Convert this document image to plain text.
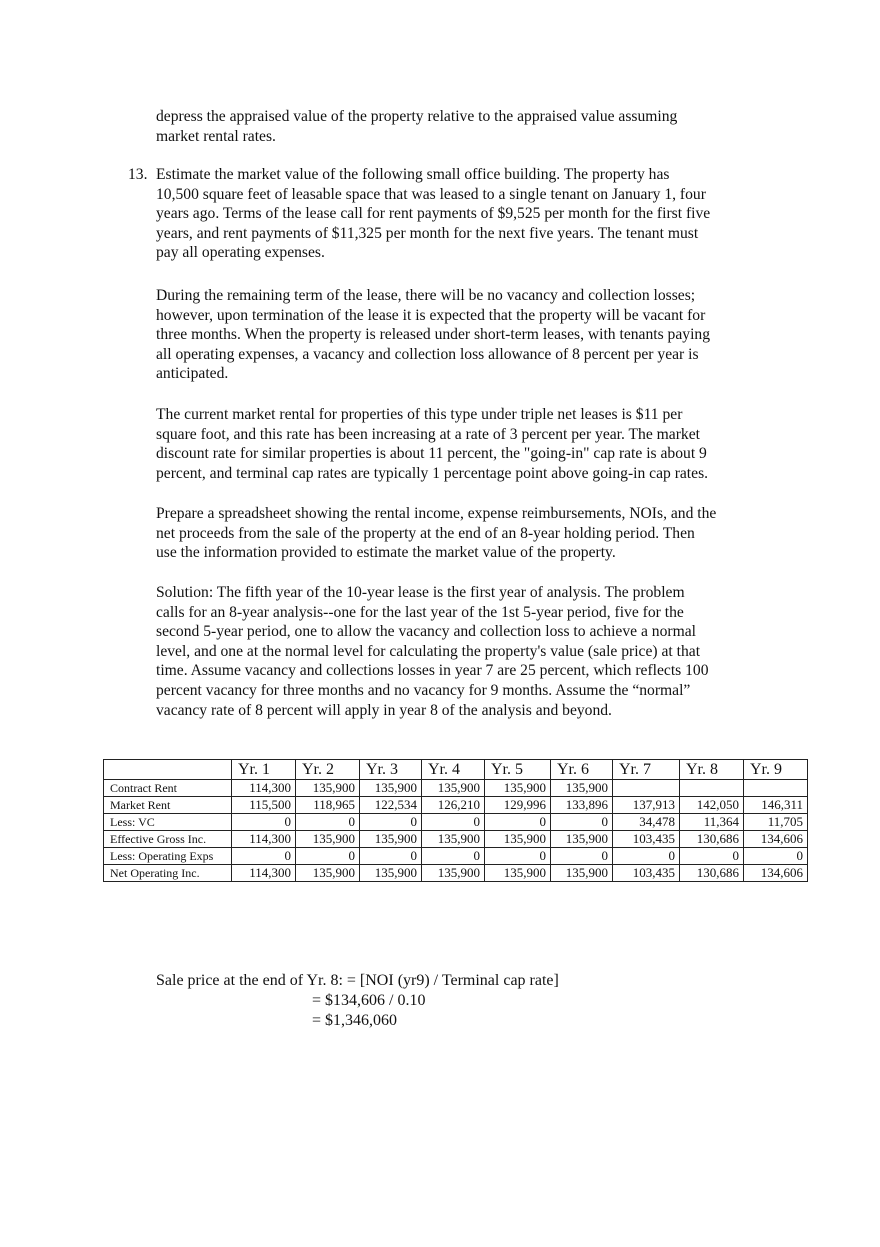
depress the appraised value of the property relative to the appraised value assuming
market rental rates.

13. Estimate the market value of the following small office building. The property has
10,500 square feet of leasable space that was leased to a single tenant on January 1, four
years ago. Terms of the lease call for rent payments of $9,525 per month for the first five
years, and rent payments of $11,325 per month for the next five years. The tenant must
pay all operating expenses.

During the remaining term of the lease, there will be no vacancy and collection losses;
however, upon termination of the lease it is expected that the property will be vacant for
three months. When the property is released under short-term leases, with tenants paying
all operating expenses, a vacancy and collection loss allowance of 8 percent per year is
anticipated.

The current market rental for properties of this type under triple net leases is $11 per
square foot, and this rate has been increasing at a rate of 3 percent per year. The market
discount rate for similar properties is about 11 percent, the "going-in" cap rate is about 9
percent, and terminal cap rates are typically 1 percentage point above going-in cap rates.

Prepare a spreadsheet showing the rental income, expense reimbursements, NOIs, and the
net proceeds from the sale of the property at the end of an 8-year holding period. Then
use the information provided to estimate the market value of the property.

Solution: The fifth year of the 10-year lease is the first year of analysis. The problem
calls for an 8-year analysis--one for the last year of the 1st 5-year period, five for the
second 5-year period, one to allow the vacancy and collection loss to achieve a normal
level, and one at the normal level for calculating the property's value (sale price) at that
time. Assume vacancy and collections losses in year 7 are 25 percent, which reflects 100
percent vacancy for three months and no vacancy for 9 months. Assume the “normal”
vacancy rate of 8 percent will apply in year 8 of the analysis and beyond.

	Yr. 1	Yr. 2	Yr. 3	Yr. 4	Yr. 5	Yr. 6	Yr. 7	Yr. 8	Yr. 9
Contract Rent	114,300	135,900	135,900	135,900	135,900	135,900			
Market Rent	115,500	118,965	122,534	126,210	129,996	133,896	137,913	142,050	146,311
Less: VC	0	0	0	0	0	0	34,478	11,364	11,705
Effective Gross Inc.	114,300	135,900	135,900	135,900	135,900	135,900	103,435	130,686	134,606
Less: Operating Exps	0	0	0	0	0	0	0	0	0
Net Operating Inc.	114,300	135,900	135,900	135,900	135,900	135,900	103,435	130,686	134,606
Sale price at the end of Yr. 8: = [NOI (yr9) / Terminal cap rate]
= $134,606 / 0.10
= $1,346,060
